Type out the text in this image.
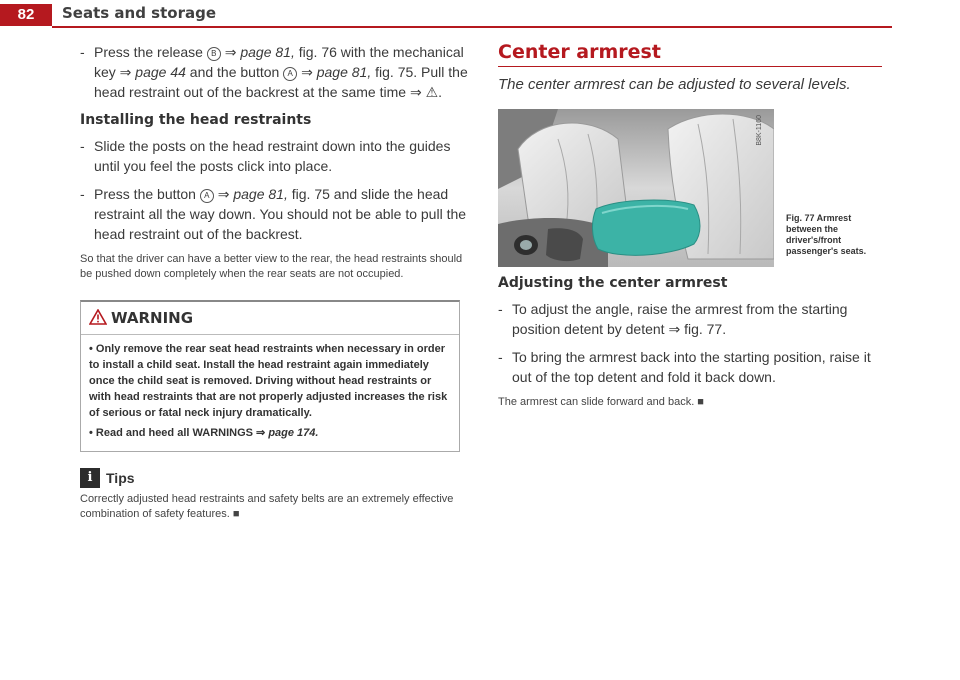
82	Seats and storage
- Press the release B ⇒ page 81, fig. 76 with the mechanical key ⇒ page 44 and the button A ⇒ page 81, fig. 75. Pull the head restraint out of the backrest at the same time ⇒ ⚠.
Installing the head restraints
- Slide the posts on the head restraint down into the guides until you feel the posts click into place.
- Press the button A ⇒ page 81, fig. 75 and slide the head restraint all the way down. You should not be able to pull the head restraint out of the backrest.

So that the driver can have a better view to the rear, the head restraints should be pushed down completely when the rear seats are not occupied.

WARNING

• Only remove the rear seat head restraints when necessary in order to install a child seat. Install the head restraint again immediately once the child seat is removed. Driving without head restraints or with head restraints that are not properly adjusted increases the risk of serious or fatal neck injury dramatically.

• Read and heed all WARNINGS ⇒ page 174.

i Tips

Correctly adjusted head restraints and safety belts are an extremely effective combination of safety features. ■

Center armrest
The center armrest can be adjusted to several levels.
B8K-1160
Fig. 77 Armrest between the driver's/front passenger's seats.
Adjusting the center armrest
- To adjust the angle, raise the armrest from the starting position detent by detent ⇒ fig. 77.
- To bring the armrest back into the starting position, raise it out of the top detent and fold it back down.

The armrest can slide forward and back. ■
